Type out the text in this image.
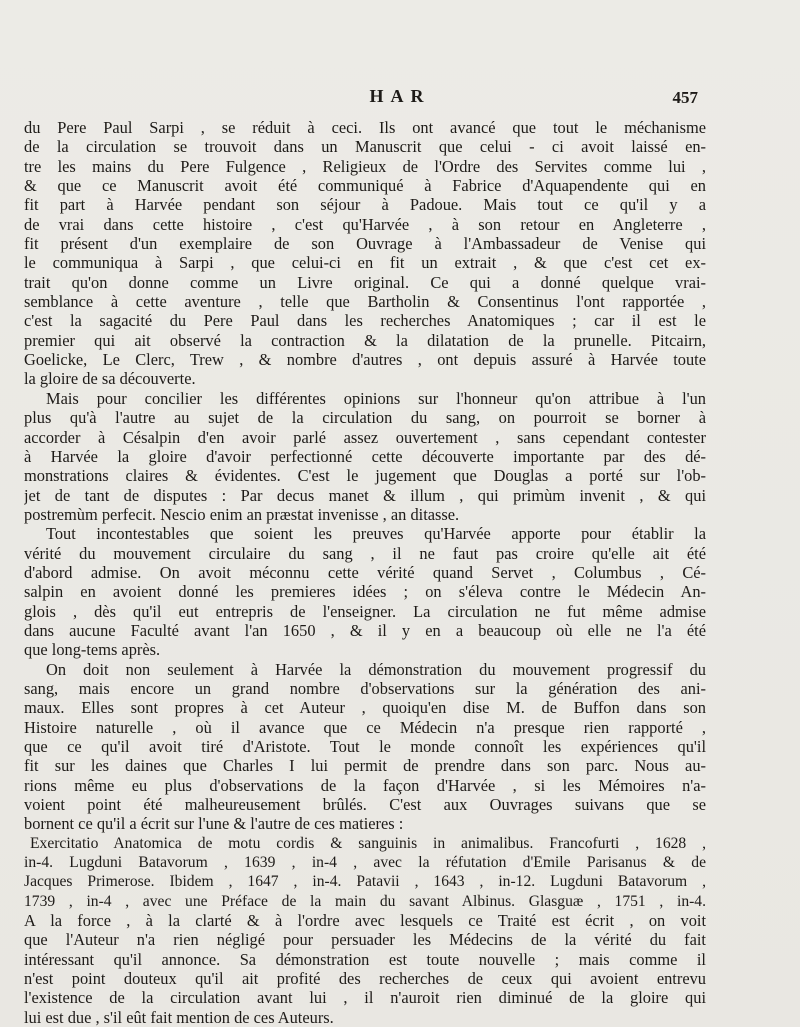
HAR	457
du Pere Paul Sarpi , se réduit à ceci. Ils ont avancé que tout le méchanisme
de la circulation se trouvoit dans un Manuscrit que celui - ci avoit laissé en-
tre les mains du Pere Fulgence , Religieux de l'Ordre des Servites comme lui ,
& que ce Manuscrit avoit été communiqué à Fabrice d'Aquapendente qui en
fit part à Harvée pendant son séjour à Padoue. Mais tout ce qu'il y a
de vrai dans cette histoire , c'est qu'Harvée , à son retour en Angleterre ,
fit présent d'un exemplaire de son Ouvrage à l'Ambassadeur de Venise qui
le communiqua à Sarpi , que celui-ci en fit un extrait , & que c'est cet ex-
trait qu'on donne comme un Livre original. Ce qui a donné quelque vrai-
semblance à cette aventure , telle que Bartholin & Consentinus l'ont rapportée ,
c'est la sagacité du Pere Paul dans les recherches Anatomiques ; car il est le
premier qui ait observé la contraction & la dilatation de la prunelle. Pitcairn,
Goelicke, Le Clerc, Trew , & nombre d'autres , ont depuis assuré à Harvée toute
la gloire de sa découverte.
Mais pour concilier les différentes opinions sur l'honneur qu'on attribue à l'un
plus qu'à l'autre au sujet de la circulation du sang, on pourroit se borner à
accorder à Césalpin d'en avoir parlé assez ouvertement , sans cependant contester
à Harvée la gloire d'avoir perfectionné cette découverte importante par des dé-
monstrations claires & évidentes. C'est le jugement que Douglas a porté sur l'ob-
jet de tant de disputes : Par decus manet & illum , qui primùm invenit , & qui
postremùm perfecit. Nescio enim an præstat invenisse , an ditasse.
Tout incontestables que soient les preuves qu'Harvée apporte pour établir la
vérité du mouvement circulaire du sang , il ne faut pas croire qu'elle ait été
d'abord admise. On avoit méconnu cette vérité quand Servet , Columbus , Cé-
salpin en avoient donné les premieres idées ; on s'éleva contre le Médecin An-
glois , dès qu'il eut entrepris de l'enseigner. La circulation ne fut même admise
dans aucune Faculté avant l'an 1650 , & il y en a beaucoup où elle ne l'a été
que long-tems après.
On doit non seulement à Harvée la démonstration du mouvement progressif du
sang, mais encore un grand nombre d'observations sur la génération des ani-
maux. Elles sont propres à cet Auteur , quoiqu'en dise M. de Buffon dans son
Histoire naturelle , où il avance que ce Médecin n'a presque rien rapporté ,
que ce qu'il avoit tiré d'Aristote. Tout le monde connoît les expériences qu'il
fit sur les daines que Charles I lui permit de prendre dans son parc. Nous au-
rions même eu plus d'observations de la façon d'Harvée , si les Mémoires n'a-
voient point été malheureusement brûlés. C'est aux Ouvrages suivans que se
bornent ce qu'il a écrit sur l'une & l'autre de ces matieres :
Exercitatio Anatomica de motu cordis & sanguinis in animalibus. Francofurti , 1628 ,
in-4. Lugduni Batavorum , 1639 , in-4 , avec la réfutation d'Emile Parisanus & de
Jacques Primerose. Ibidem , 1647 , in-4. Patavii , 1643 , in-12. Lugduni Batavorum ,
1739 , in-4 , avec une Préface de la main du savant Albinus. Glasguæ , 1751 , in-4.
A la force , à la clarté & à l'ordre avec lesquels ce Traité est écrit , on voit
que l'Auteur n'a rien négligé pour persuader les Médecins de la vérité du fait
intéressant qu'il annonce. Sa démonstration est toute nouvelle ; mais comme il
n'est point douteux qu'il ait profité des recherches de ceux qui avoient entrevu
l'existence de la circulation avant lui , il n'auroit rien diminué de la gloire qui
lui est due , s'il eût fait mention de ces Auteurs.
